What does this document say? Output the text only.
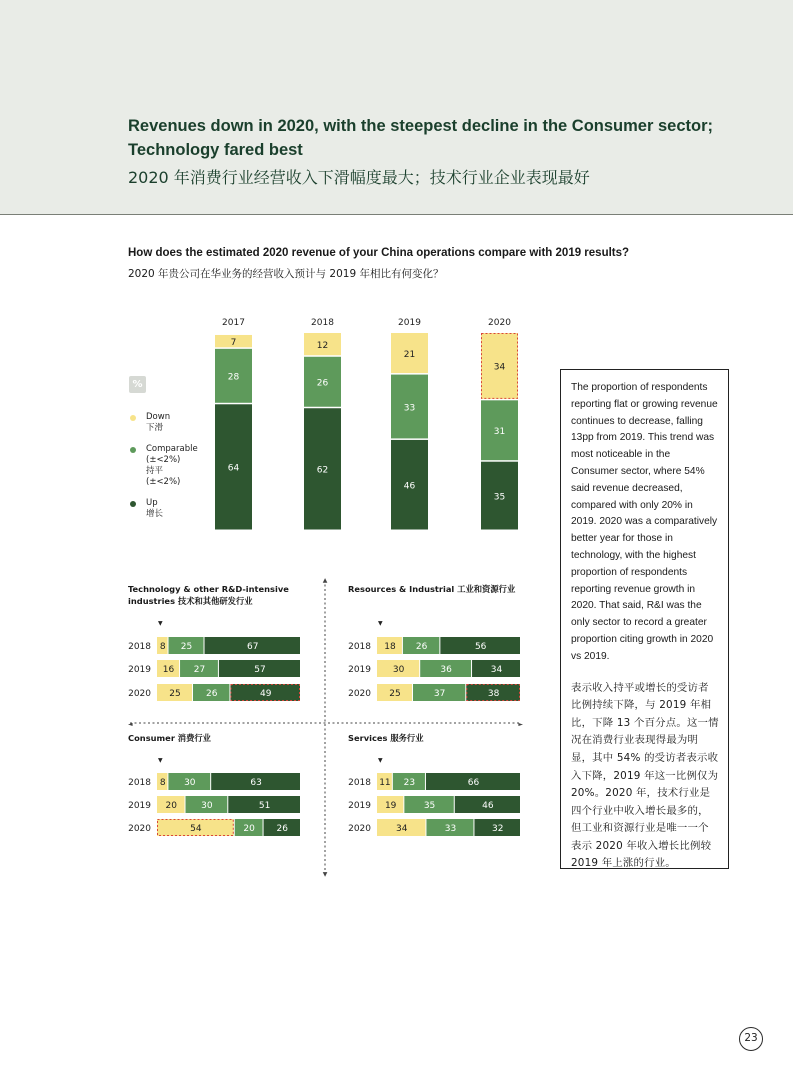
Revenues down in 2020, with the steepest decline in the Consumer sector;
Technology fared best
2020 年消费行业经营收入下滑幅度最大；技术行业企业表现最好
How does the estimated 2020 revenue of your China operations compare with 2019 results?
2020 年贵公司在华业务的经营收入预计与 2019 年相比有何变化？
%
Down
下滑
Comparable
(±<2%)
持平
(±<2%)
Up
增长
2017
64
28
7
2018
62
26
12
2019
46
33
21
2020
35
31
34
Technology & other R&D-intensive
industries 技术和其他研发行业
▼
2018 8 25	67
2019 16 27	57
2020 25	26	49
Resources & Industrial 工业和资源行业
▼
2018 18 26	56
2019 30	36	34
2020 25	37	38
Consumer 消费行业
▼
2018 8 30	63
2019 20	30	51
2020	54	20 26
Services 服务行业
▼
2018 11 23	66
2019 19	35	46
2020	34	33	32
▲
▼
◄	►
The proportion of respondents reporting flat or growing revenue continues to decrease, falling 13pp from 2019. This trend was most noticeable in the Consumer sector, where 54% said revenue decreased, compared with only 20% in 2019. 2020 was a comparatively better year for those in technology, with the highest proportion of respondents reporting revenue growth in 2020. That said, R&I was the only sector to record a greater proportion citing growth in 2020 vs 2019.
表示收入持平或增长的受访者比例持续下降，与 2019 年相比，下降 13 个百分点。这一情况在消费行业表现得最为明显，其中 54% 的受访者表示收入下降，2019 年这一比例仅为 20%。2020 年，技术行业是四个行业中收入增长最多的，但工业和资源行业是唯一一个表示 2020 年收入增长比例较 2019 年上涨的行业。
23
